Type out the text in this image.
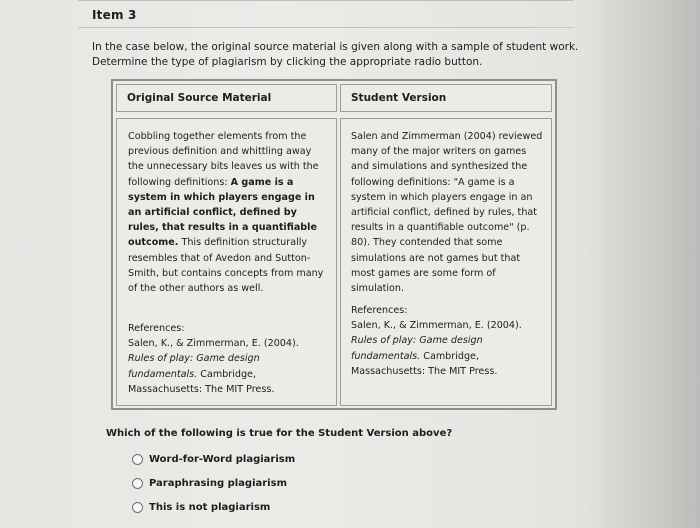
Item 3
In the case below, the original source material is given along with a sample of student work.
Determine the type of plagiarism by clicking the appropriate radio button.
Original Source Material	Student Version
Cobbling together elements from the previous definition and whittling away the unnecessary bits leaves us with the following definitions: A game is a system in which players engage in an artificial conflict, defined by rules, that results in a quantifiable outcome. This definition structurally resembles that of Avedon and Sutton-Smith, but contains concepts from many of the other authors as well.

References:

Salen, K., & Zimmerman, E. (2004). Rules of play: Game design fundamentals. Cambridge, Massachusetts: The MIT Press.

Salen and Zimmerman (2004) reviewed many of the major writers on games and simulations and synthesized the following definitions: "A game is a system in which players engage in an artificial conflict, defined by rules, that results in a quantifiable outcome" (p. 80). They contended that some simulations are not games but that most games are some form of simulation.

References:

Salen, K., & Zimmerman, E. (2004). Rules of play: Game design fundamentals. Cambridge, Massachusetts: The MIT Press.

Which of the following is true for the Student Version above?
Word-for-Word plagiarism
Paraphrasing plagiarism
This is not plagiarism
